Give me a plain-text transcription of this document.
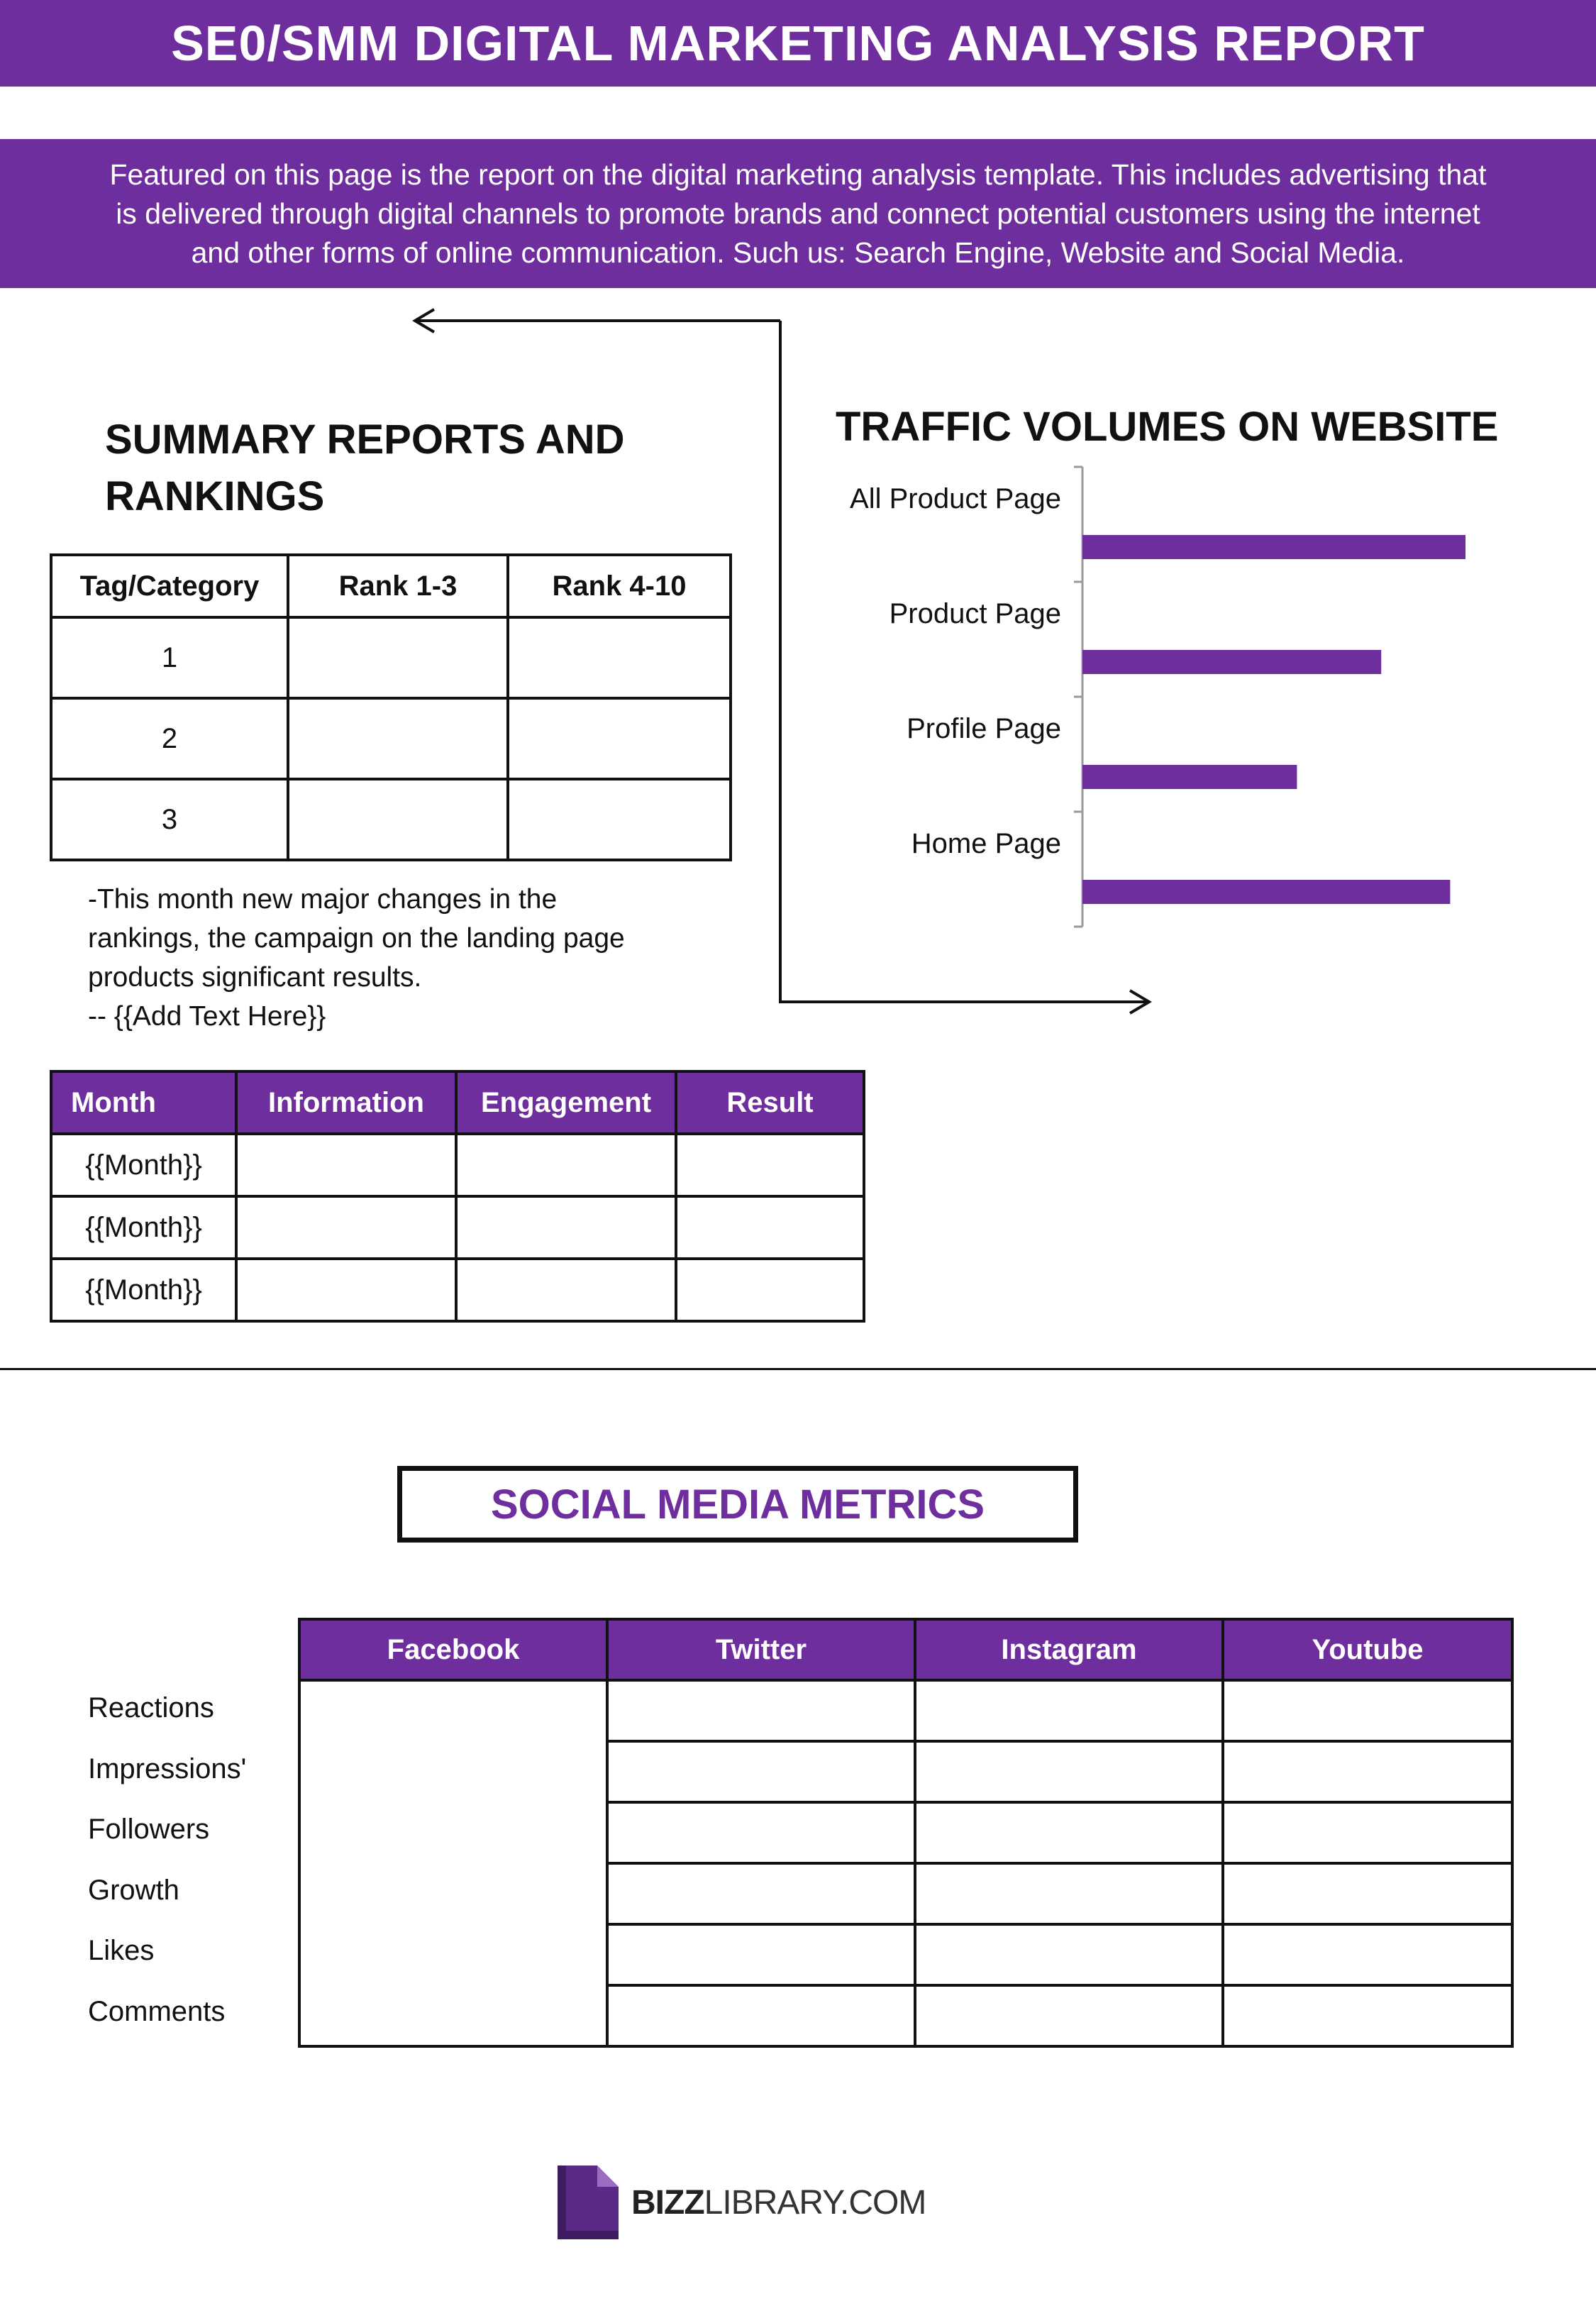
SE0/SMM DIGITAL MARKETING ANALYSIS REPORT

Featured on this page is the report on the digital marketing analysis template. This includes advertising that is delivered through digital channels to promote brands and connect potential customers using the internet and other forms of online communication. Such us: Search Engine, Website and Social Media.

SUMMARY REPORTS AND RANKINGS
Tag/Category	Rank 1-3	Rank 4-10
1		
2		
3		
-This month new major changes in the
rankings, the campaign on the landing page
products significant results.
-- {{Add Text Here}}
Month	Information	Engagement	Result
{{Month}}			
{{Month}}			
{{Month}}			
TRAFFIC VOLUMES ON WEBSITE
All Product Page
Product Page
Profile Page
Home Page
SOCIAL MEDIA METRICS
Reactions
Impressions'
Followers
Growth
Likes
Comments
Facebook	Twitter	Instagram	Youtube

BIZZLIBRARY.COM
